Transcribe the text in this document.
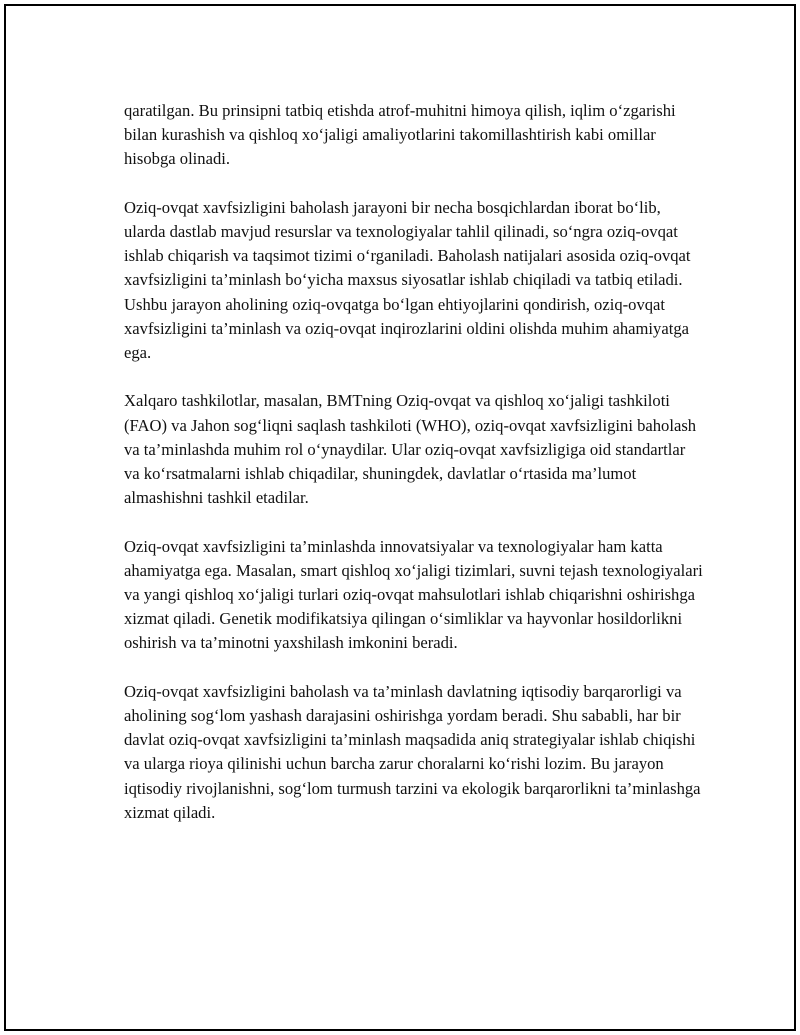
qaratilgan. Bu prinsipni tatbiq etishda atrof-muhitni himoya qilish, iqlim o‘zgarishi bilan kurashish va qishloq xo‘jaligi amaliyotlarini takomillashtirish kabi omillar hisobga olinadi.

Oziq-ovqat xavfsizligini baholash jarayoni bir necha bosqichlardan iborat bo‘lib, ularda dastlab mavjud resurslar va texnologiyalar tahlil qilinadi, so‘ngra oziq-ovqat ishlab chiqarish va taqsimot tizimi o‘rganiladi. Baholash natijalari asosida oziq-ovqat xavfsizligini ta’minlash bo‘yicha maxsus siyosatlar ishlab chiqiladi va tatbiq etiladi. Ushbu jarayon aholining oziq-ovqatga bo‘lgan ehtiyojlarini qondirish, oziq-ovqat xavfsizligini ta’minlash va oziq-ovqat inqirozlarini oldini olishda muhim ahamiyatga ega.

Xalqaro tashkilotlar, masalan, BMTning Oziq-ovqat va qishloq xo‘jaligi tashkiloti (FAO) va Jahon sog‘liqni saqlash tashkiloti (WHO), oziq-ovqat xavfsizligini baholash va ta’minlashda muhim rol o‘ynaydilar. Ular oziq-ovqat xavfsizligiga oid standartlar va ko‘rsatmalarni ishlab chiqadilar, shuningdek, davlatlar o‘rtasida ma’lumot almashishni tashkil etadilar.

Oziq-ovqat xavfsizligini ta’minlashda innovatsiyalar va texnologiyalar ham katta ahamiyatga ega. Masalan, smart qishloq xo‘jaligi tizimlari, suvni tejash texnologiyalari va yangi qishloq xo‘jaligi turlari oziq-ovqat mahsulotlari ishlab chiqarishni oshirishga xizmat qiladi. Genetik modifikatsiya qilingan o‘simliklar va hayvonlar hosildorlikni oshirish va ta’minotni yaxshilash imkonini beradi.

Oziq-ovqat xavfsizligini baholash va ta’minlash davlatning iqtisodiy barqarorligi va aholining sog‘lom yashash darajasini oshirishga yordam beradi. Shu sababli, har bir davlat oziq-ovqat xavfsizligini ta’minlash maqsadida aniq strategiyalar ishlab chiqishi va ularga rioya qilinishi uchun barcha zarur choralarni ko‘rishi lozim. Bu jarayon iqtisodiy rivojlanishni, sog‘lom turmush tarzini va ekologik barqarorlikni ta’minlashga xizmat qiladi.
